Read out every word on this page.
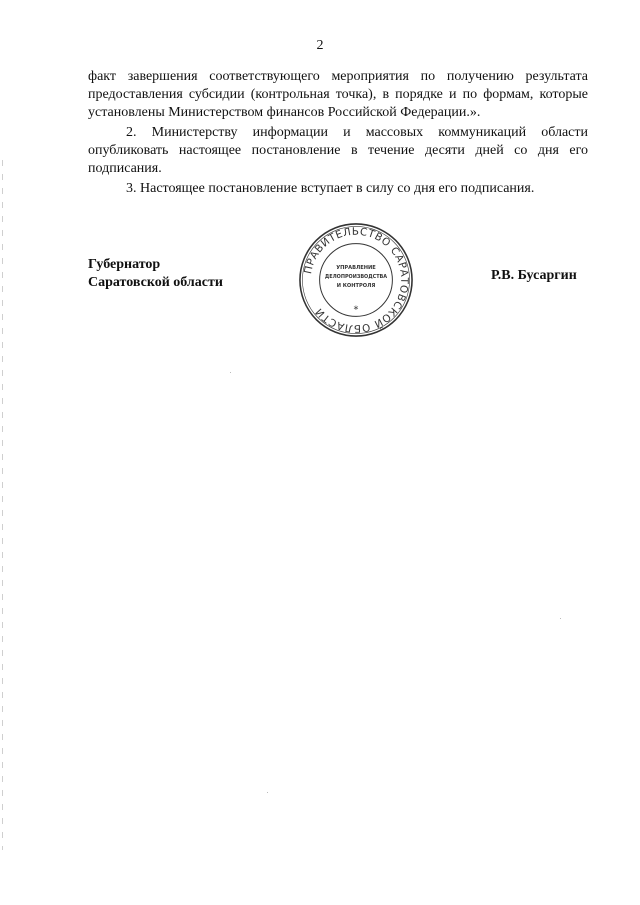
2

факт завершения соответствующего мероприятия по получению результата предоставления субсидии (контрольная точка), в порядке и по формам, которые установлены Министерством финансов Российской Федерации.».

2. Министерству информации и массовых коммуникаций области опубликовать настоящее постановление в течение десяти дней со дня его подписания.

3. Настоящее постановление вступает в силу со дня его подписания.

Губернатор
Саратовской области
ПРАВИТЕЛЬСТВО САРАТОВСКОЙ ОБЛАСТИ
УПРАВЛЕНИЕ
ДЕЛОПРОИЗВОДСТВА
И КОНТРОЛЯ
*
Р.В. Бусаргин
